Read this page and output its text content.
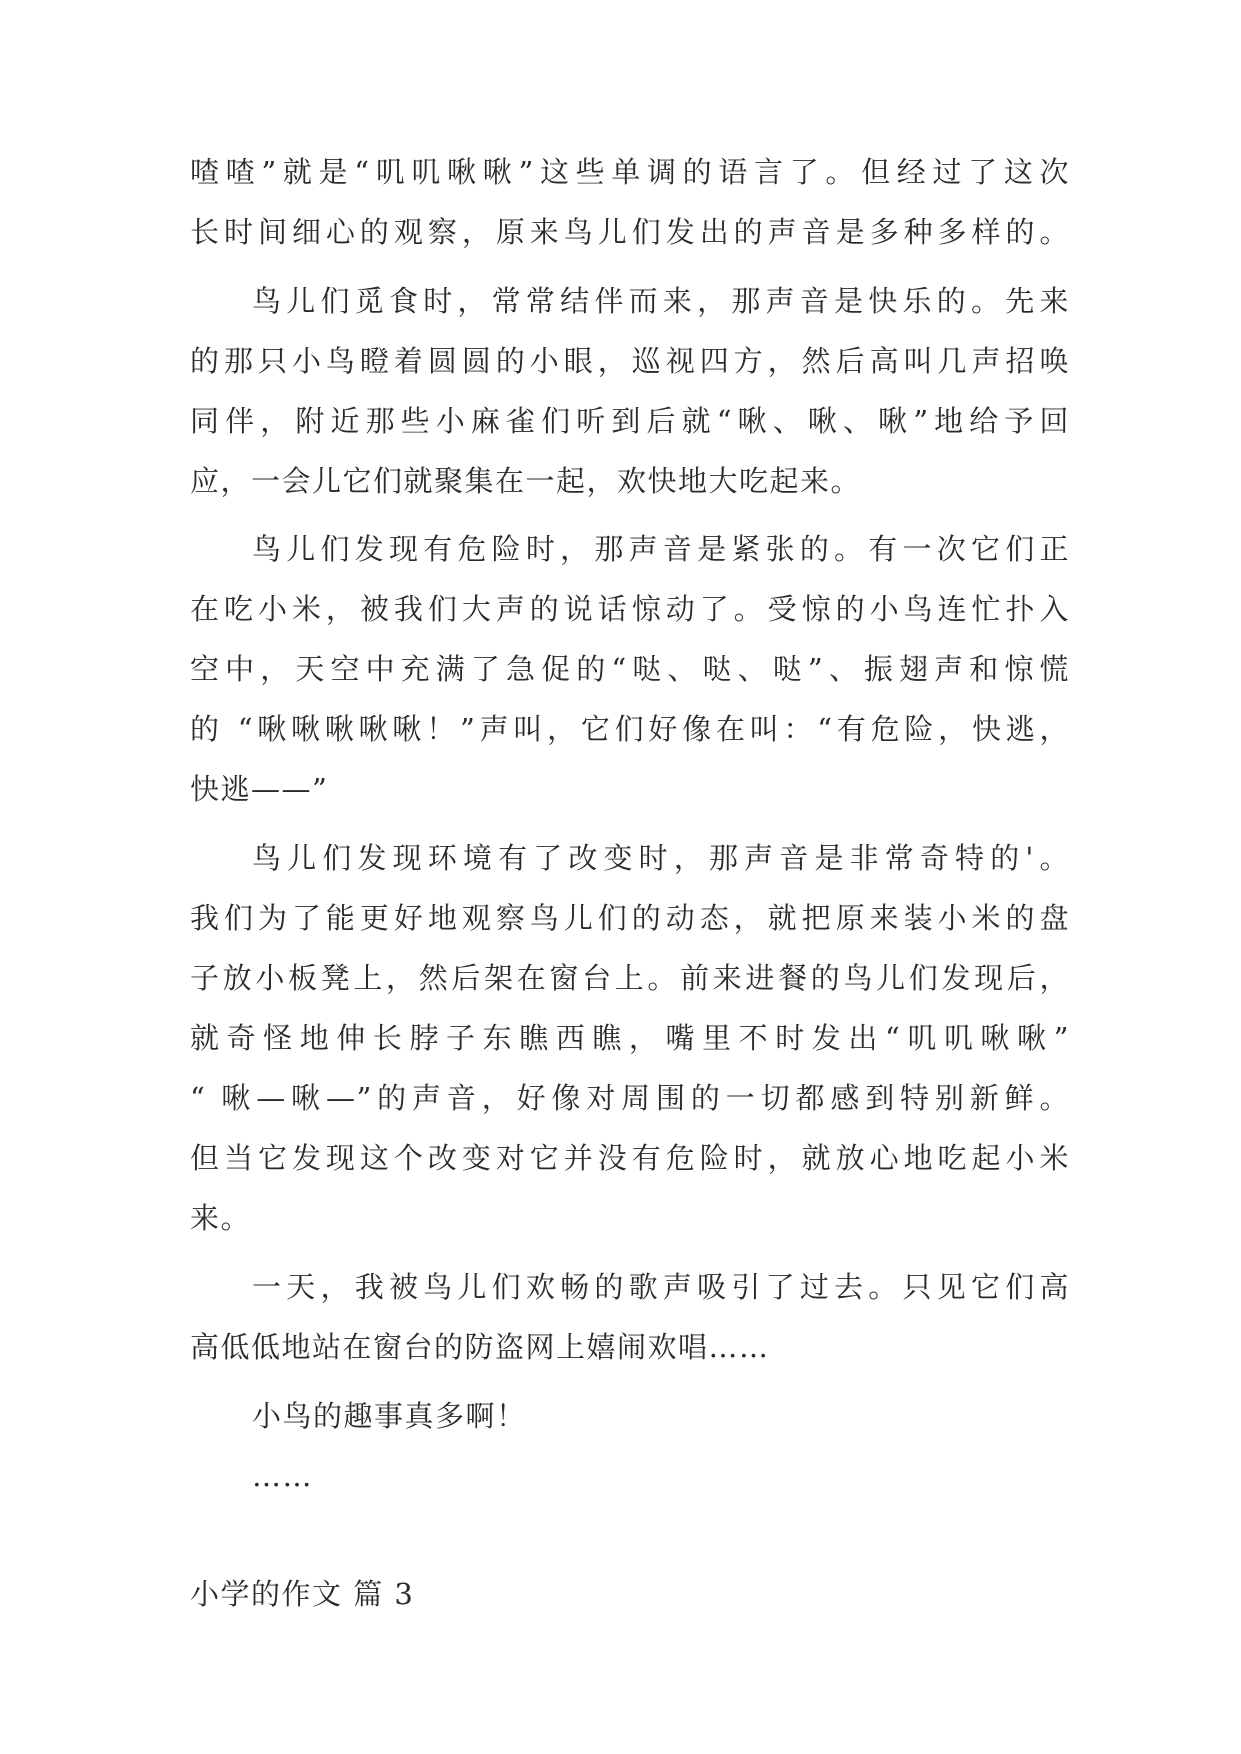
喳喳”就是“叽叽啾啾”这些单调的语言了。但经过了这次
长时间细心的观察，原来鸟儿们发出的声音是多种多样的。
鸟儿们觅食时，常常结伴而来，那声音是快乐的。先来
的那只小鸟瞪着圆圆的小眼，巡视四方，然后高叫几声招唤
同伴，附近那些小麻雀们听到后就“啾、啾、啾”地给予回
应，一会儿它们就聚集在一起，欢快地大吃起来。
鸟儿们发现有危险时，那声音是紧张的。有一次它们正
在吃小米，被我们大声的说话惊动了。受惊的小鸟连忙扑入
空中，天空中充满了急促的“哒、哒、哒”、振翅声和惊慌
的 “啾啾啾啾啾！”声叫，它们好像在叫：“有危险，快逃，
快逃——”
鸟儿们发现环境有了改变时，那声音是非常奇特的'。
我们为了能更好地观察鸟儿们的动态，就把原来装小米的盘
子放小板凳上，然后架在窗台上。前来进餐的鸟儿们发现后，
就奇怪地伸长脖子东瞧西瞧，嘴里不时发出“叽叽啾啾”
“ 啾—啾—”的声音，好像对周围的一切都感到特别新鲜。
但当它发现这个改变对它并没有危险时，就放心地吃起小米
来。
一天，我被鸟儿们欢畅的歌声吸引了过去。只见它们高
高低低地站在窗台的防盗网上嬉闹欢唱……
小鸟的趣事真多啊！
……
小学的作文 篇 3
